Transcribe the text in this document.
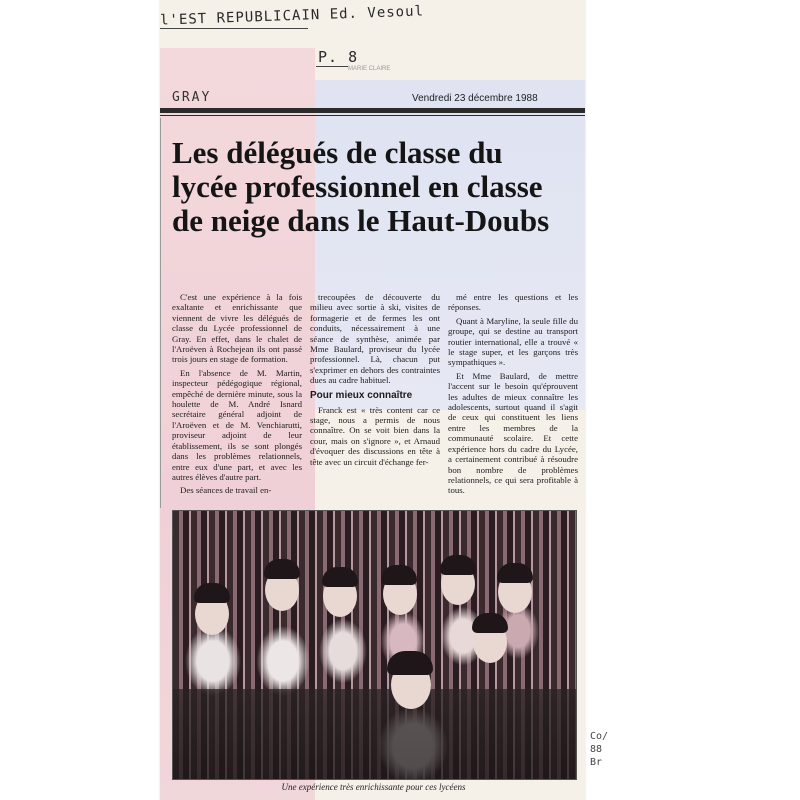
GRAY	Vendredi 23 décembre 1988
Les délégués de classe du lycée professionnel en classe de neige dans le Haut-Doubs

C'est une expérience à la fois exaltante et enrichissante que viennent de vivre les délégués de classe du Lycée professionnel de Gray. En effet, dans le chalet de l'Aroëven à Rochejean ils ont passé trois jours en stage de formation.

En l'absence de M. Martin, inspecteur pédégogique régional, empêché de dernière minute, sous la houlette de M. André Isnard secrétaire général adjoint de l'Aroëven et de M. Venchiarutti, proviseur adjoint de leur établissement, ils se sont plongés dans les problèmes relationnels, entre eux d'une part, et avec les autres élèves d'autre part.

Des séances de travail en-

trecoupées de découverte du milieu avec sortie à ski, visites de formagerie et de fermes les ont conduits, nécessairement à une séance de synthèse, animée par Mme Baulard, proviseur du lycée professionnel. Là, chacun put s'exprimer en dehors des contraintes dues au cadre habituel.

Pour mieux connaître

Franck est « très content car ce stage, nous a permis de nous connaître. On se voit bien dans la cour, mais on s'ignore », et Arnaud d'évoquer des discussions en tête à tête avec un circuit d'échange fer-

mé entre les questions et les réponses.

Quant à Maryline, la seule fille du groupe, qui se destine au transport routier international, elle a trouvé « le stage super, et les garçons très sympathiques ».

Et Mme Baulard, de mettre l'accent sur le besoin qu'éprouvent les adultes de mieux connaître les adolescents, surtout quand il s'agit de ceux qui constituent les liens entre les membres de la communauté scolaire. Et cette expérience hors du cadre du Lycée, a certainement contribué à résoudre bon nombre de problèmes relationnels, ce qui sera profitable à tous.

Une expérience très enrichissante pour ces lycéens
l'EST REPUBLICAIN Ed. Vesoul
P. 8
MARIE CLAIRE
Co/ 88 Br
